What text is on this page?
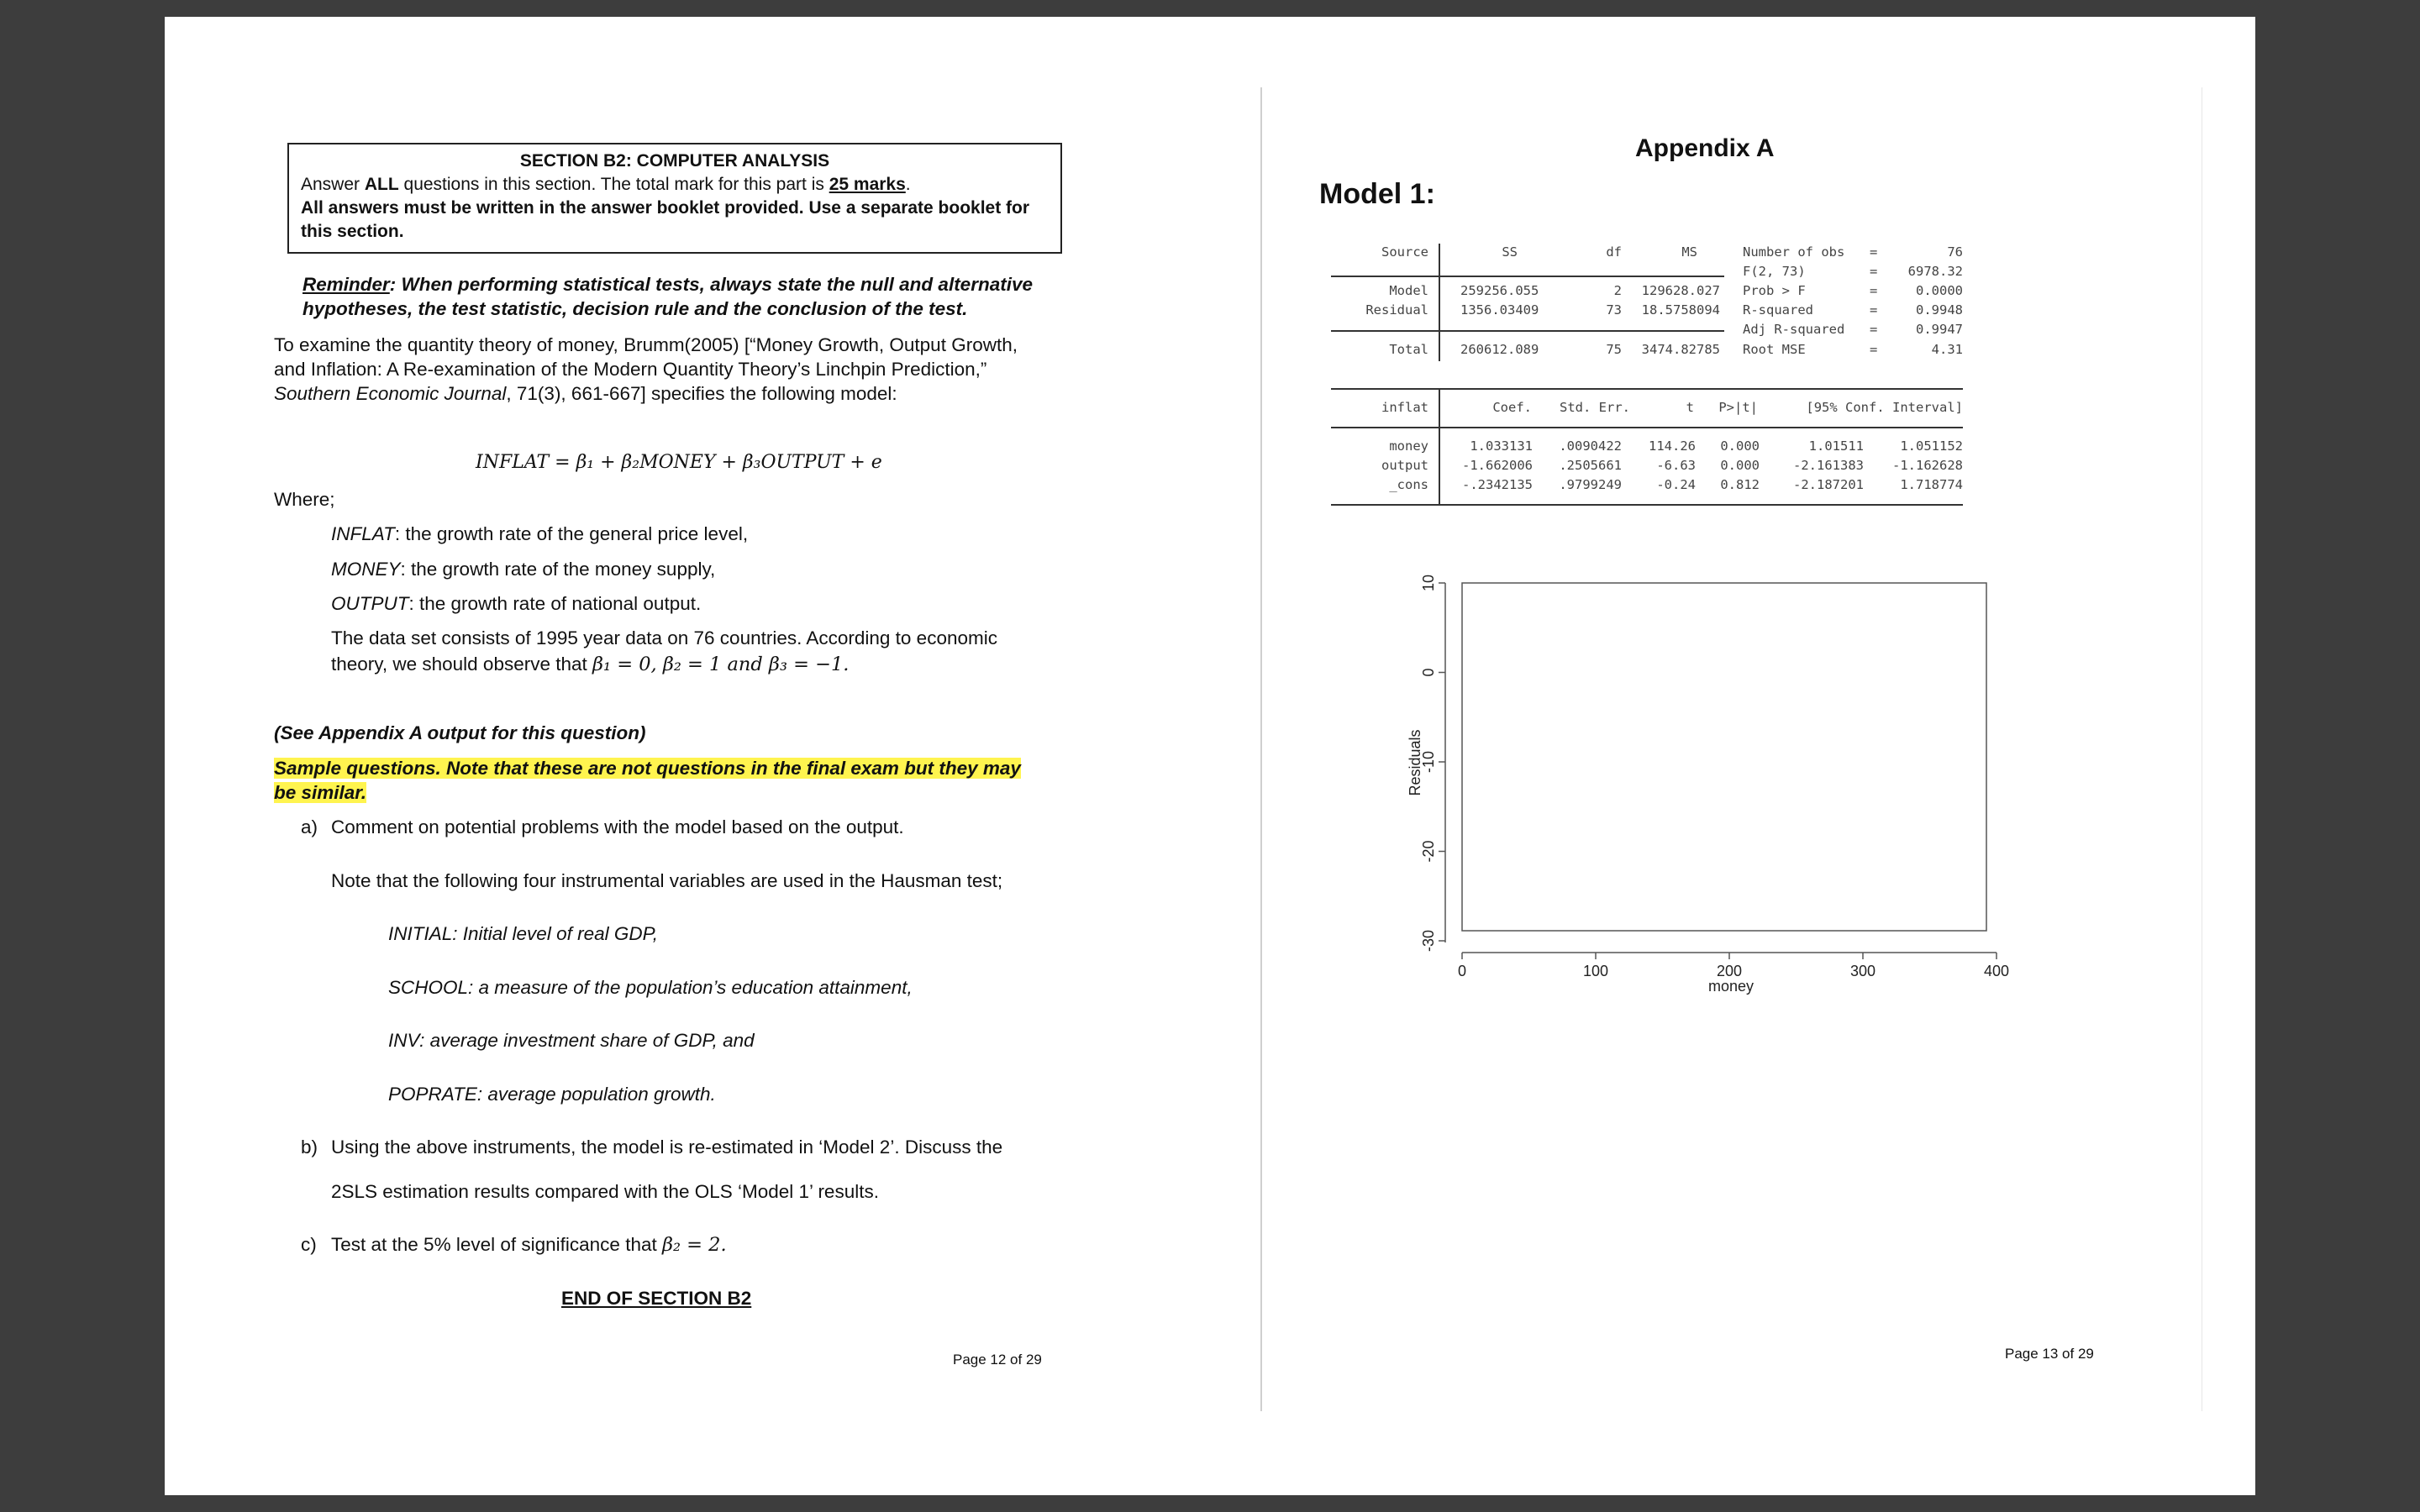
SECTION B2: COMPUTER ANALYSIS
Answer ALL questions in this section. The total mark for this part is 25 marks.
All answers must be written in the answer booklet provided. Use a separate booklet for
this section.
Reminder: When performing statistical tests, always state the null and alternative
hypotheses, the test statistic, decision rule and the conclusion of the test.
To examine the quantity theory of money, Brumm(2005) [“Money Growth, Output Growth,
and Inflation: A Re-examination of the Modern Quantity Theory’s Linchpin Prediction,”
Southern Economic Journal, 71(3), 661-667] specifies the following model:
INFLAT = β₁ + β₂MONEY + β₃OUTPUT + e
Where;
INFLAT: the growth rate of the general price level,
MONEY: the growth rate of the money supply,
OUTPUT: the growth rate of national output.
The data set consists of 1995 year data on 76 countries. According to economic
theory, we should observe that β₁ = 0, β₂ = 1 and β₃ = −1.
(See Appendix A output for this question)
Sample questions. Note that these are not questions in the final exam but they may
be similar.
a) Comment on potential problems with the model based on the output.
Note that the following four instrumental variables are used in the Hausman test;
INITIAL: Initial level of real GDP,
SCHOOL: a measure of the population’s education attainment,
INV: average investment share of GDP, and
POPRATE: average population growth.
b) Using the above instruments, the model is re-estimated in ‘Model 2’. Discuss the
2SLS estimation results compared with the OLS ‘Model 1’ results.
c) Test at the 5% level of significance that β₂ = 2.
END OF SECTION B2
Page 12 of 29
Appendix A
Model 1:
Source	SS	df	MS
Model 259256.055	2	129628.027
Residual 1356.03409	73	18.5758094
Total 260612.089	75	3474.82785
Number of obs =	76
F(2, 73)	=	6978.32
Prob > F	=	0.0000
R-squared	=	0.9948
Adj R-squared =	0.9947
Root MSE	=	4.31
inflat	Coef.	Std. Err.	t	P>|t|	[95% Conf. Interval]
money	1.033131	.0090422	114.26	0.000	1.01511	1.051152
output	-1.662006	.2505661	-6.63	0.000	-2.161383	-1.162628
_cons	-.2342135	.9799249	-0.24	0.812	-2.187201	1.718774
10
0
-10
-20
-30
0	100	200	300	400
Residuals
money
Page 13 of 29
